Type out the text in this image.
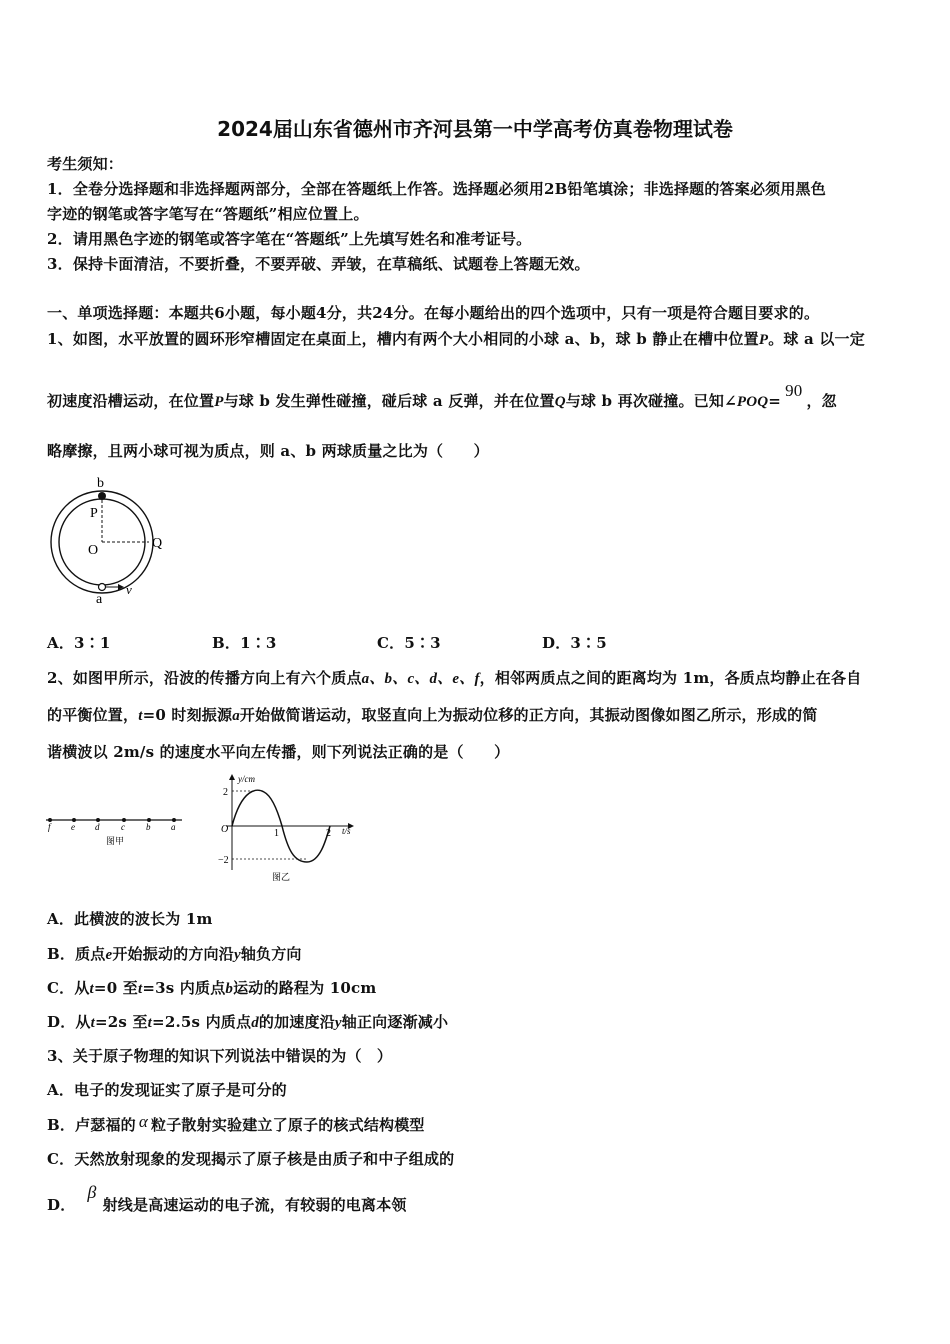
2024届山东省德州市齐河县第一中学高考仿真卷物理试卷
考生须知：
1．全卷分选择题和非选择题两部分，全部在答题纸上作答。选择题必须用2B铅笔填涂；非选择题的答案必须用黑色
字迹的钢笔或答字笔写在“答题纸”相应位置上。
2．请用黑色字迹的钢笔或答字笔在“答题纸”上先填写姓名和准考证号。
3．保持卡面清洁，不要折叠，不要弄破、弄皱，在草稿纸、试题卷上答题无效。
一、单项选择题：本题共6小题，每小题4分，共24分。在每小题给出的四个选项中，只有一项是符合题目要求的。
1、如图，水平放置的圆环形窄槽固定在桌面上，槽内有两个大小相同的小球 a、b，球 b 静止在槽中位置P。球 a 以一定
初速度沿槽运动，在位置P与球 b 发生弹性碰撞，碰后球 a 反弹，并在位置Q与球 b 再次碰撞。已知∠POQ=90，忽
略摩擦，且两小球可视为质点，则 a、b 两球质量之比为（　　）
b
P
O	Q
a
v
A．3∶1	B．1∶3	C．5∶3	D．3∶5
2、如图甲所示，沿波的传播方向上有六个质点a、b、c、d、e、f，相邻两质点之间的距离均为 1m，各质点均静止在各自
的平衡位置，t=0 时刻振源a开始做简谐运动，取竖直向上为振动位移的正方向，其振动图像如图乙所示，形成的简
谐横波以 2m/s 的速度水平向左传播，则下列说法正确的是（　　）
f e d c b a
图甲
y/cm
t/s
2
−2
O	1	2
图乙
A．此横波的波长为 1m
B．质点e开始振动的方向沿y轴负方向
C．从t=0 至t=3s 内质点b运动的路程为 10cm
D．从t=2s 至t=2.5s 内质点d的加速度沿y轴正向逐渐减小
3、关于原子物理的知识下列说法中错误的为（　）
A．电子的发现证实了原子是可分的
B．卢瑟福的 α 粒子散射实验建立了原子的核式结构模型
C．天然放射现象的发现揭示了原子核是由质子和中子组成的
D．β射线是高速运动的电子流，有较弱的电离本领
